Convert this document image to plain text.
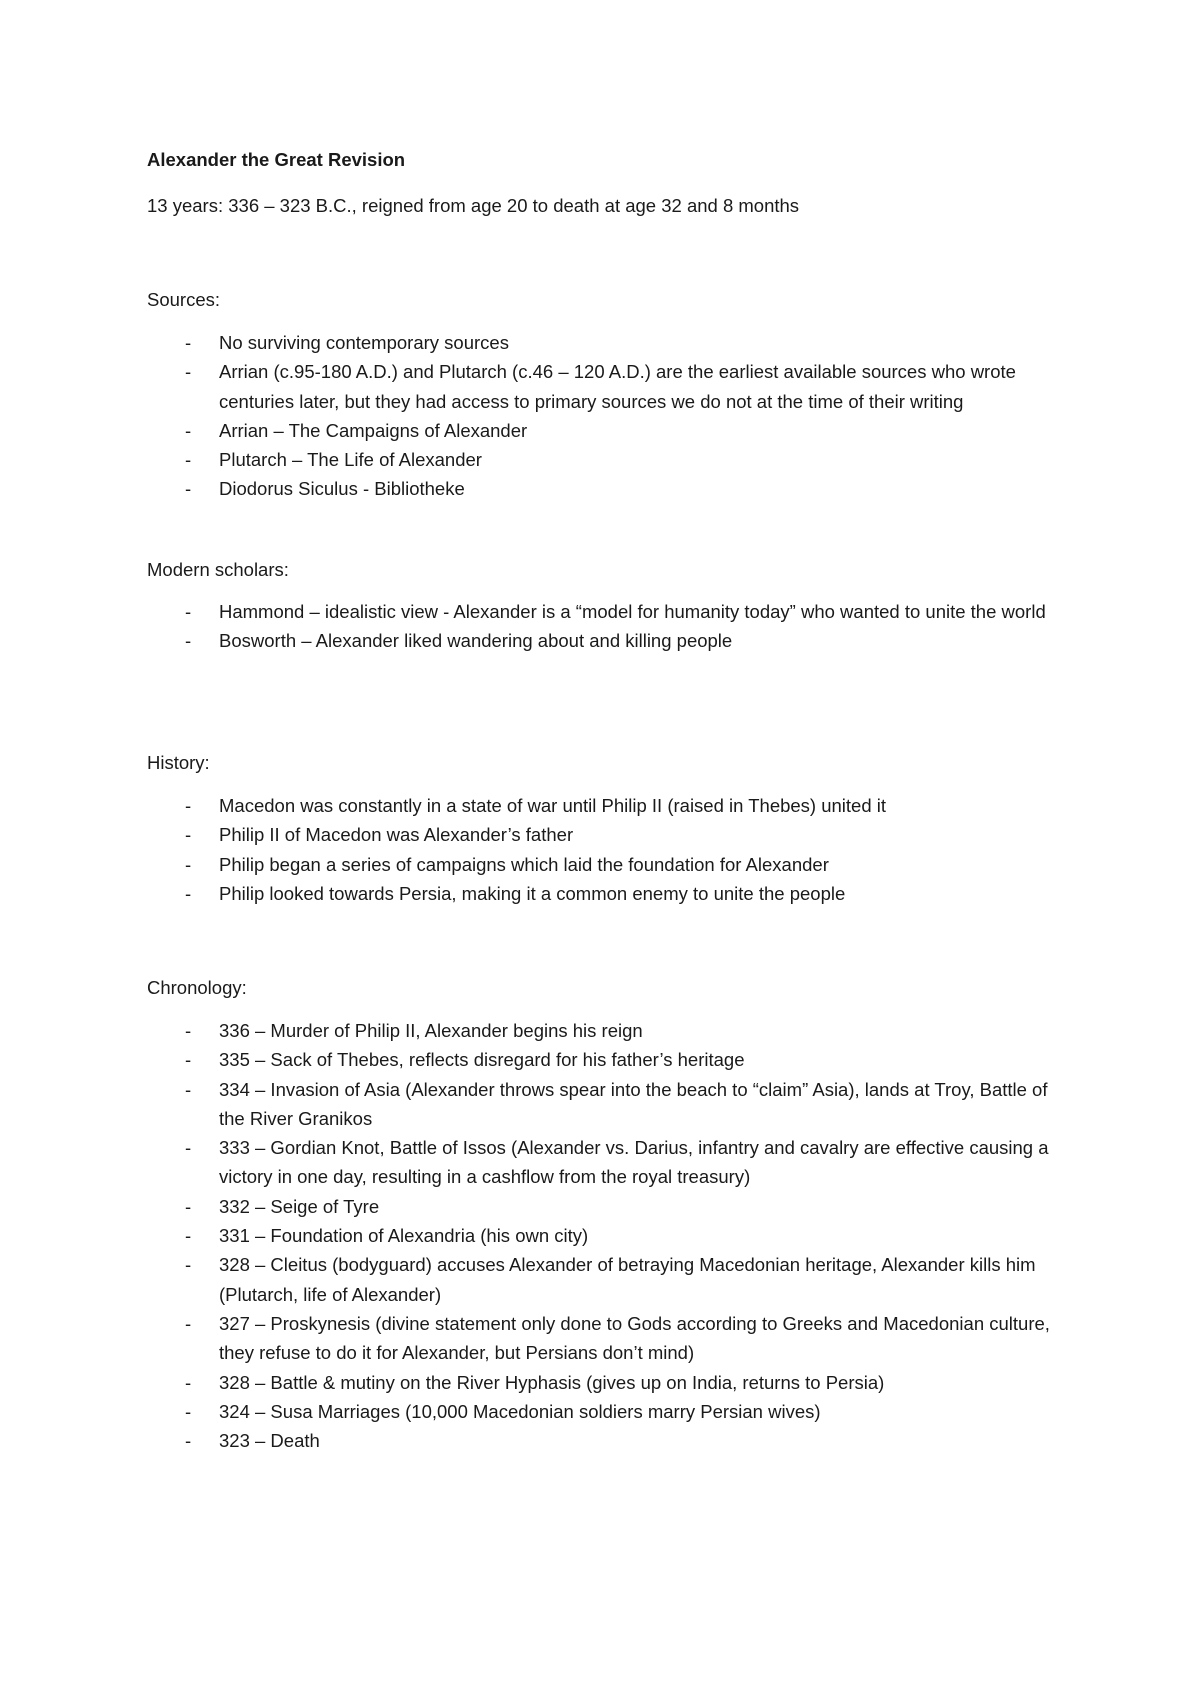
Alexander the Great Revision
13 years: 336 – 323 B.C., reigned from age 20 to death at age 32 and 8 months
Sources:
- No surviving contemporary sources
- Arrian (c.95-180 A.D.) and Plutarch (c.46 – 120 A.D.) are the earliest available sources who wrote centuries later, but they had access to primary sources we do not at the time of their writing
- Arrian – The Campaigns of Alexander
- Plutarch – The Life of Alexander
- Diodorus Siculus - Bibliotheke
Modern scholars:
- Hammond – idealistic view - Alexander is a “model for humanity today” who wanted to unite the world
- Bosworth – Alexander liked wandering about and killing people
History:
- Macedon was constantly in a state of war until Philip II (raised in Thebes) united it
- Philip II of Macedon was Alexander’s father
- Philip began a series of campaigns which laid the foundation for Alexander
- Philip looked towards Persia, making it a common enemy to unite the people
Chronology:
- 336 – Murder of Philip II, Alexander begins his reign
- 335 – Sack of Thebes, reflects disregard for his father’s heritage
- 334 – Invasion of Asia (Alexander throws spear into the beach to “claim” Asia), lands at Troy, Battle of the River Granikos
- 333 – Gordian Knot, Battle of Issos (Alexander vs. Darius, infantry and cavalry are effective causing a victory in one day, resulting in a cashflow from the royal treasury)
- 332 – Seige of Tyre
- 331 – Foundation of Alexandria (his own city)
- 328 – Cleitus (bodyguard) accuses Alexander of betraying Macedonian heritage, Alexander kills him (Plutarch, life of Alexander)
- 327 – Proskynesis (divine statement only done to Gods according to Greeks and Macedonian culture, they refuse to do it for Alexander, but Persians don’t mind)
- 328 – Battle & mutiny on the River Hyphasis (gives up on India, returns to Persia)
- 324 – Susa Marriages (10,000 Macedonian soldiers marry Persian wives)
- 323 – Death
